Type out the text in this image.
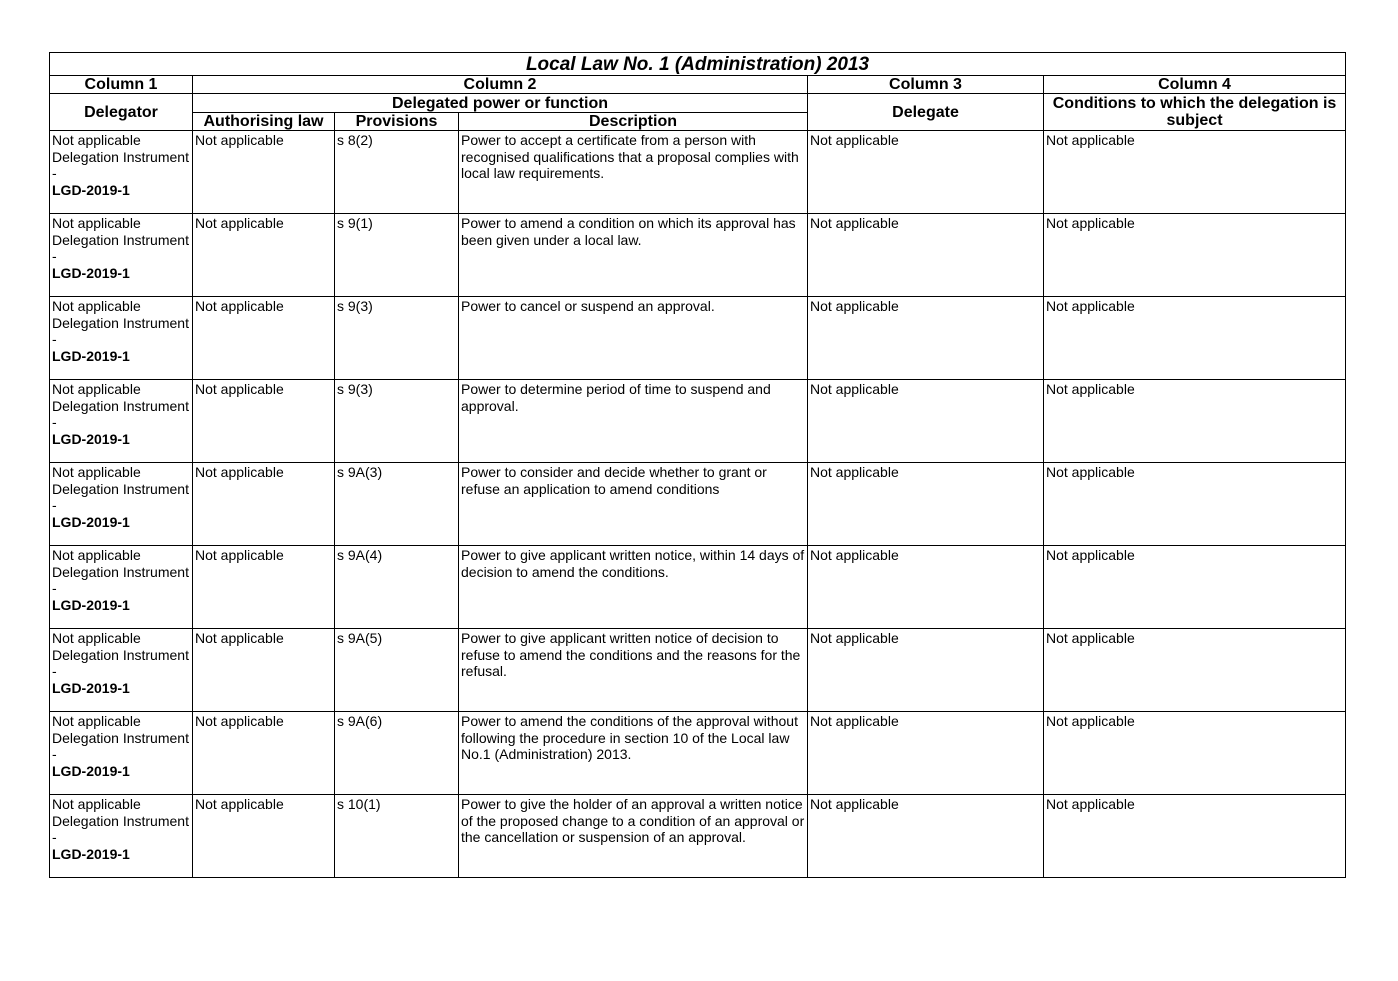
Local Law No. 1 (Administration) 2013					
Column 1	Column 2			Column 3	Column 4
Delegator	Delegated power or function			Delegate	Conditions to which the delegation is subject
	Authorising law	Provisions	Description		

Not applicable
Delegation Instrument -
LGD-2019-1	Not applicable	s 8(2)	Power to accept a certificate from a person with recognised qualifications that a proposal complies with local law requirements.	Not applicable	Not applicable

Not applicable
Delegation Instrument -
LGD-2019-1	Not applicable	s 9(1)	Power to amend a condition on which its approval has been given under a local law.	Not applicable	Not applicable

Not applicable
Delegation Instrument -
LGD-2019-1	Not applicable	s 9(3)	Power to cancel or suspend an approval.	Not applicable	Not applicable

Not applicable
Delegation Instrument -
LGD-2019-1	Not applicable	s 9(3)	Power to determine period of time to suspend and approval.	Not applicable	Not applicable

Not applicable
Delegation Instrument -
LGD-2019-1	Not applicable	s 9A(3)	Power to consider and decide whether to grant or refuse an application to amend conditions	Not applicable	Not applicable

Not applicable
Delegation Instrument -
LGD-2019-1	Not applicable	s 9A(4)	Power to give applicant written notice, within 14 days of decision to amend the conditions.	Not applicable	Not applicable

Not applicable
Delegation Instrument -
LGD-2019-1	Not applicable	s 9A(5)	Power to give applicant written notice of decision to refuse to amend the conditions and the reasons for the refusal.	Not applicable	Not applicable

Not applicable
Delegation Instrument -
LGD-2019-1	Not applicable	s 9A(6)	Power to amend the conditions of the approval without following the procedure in section 10 of the Local law No.1 (Administration) 2013.	Not applicable	Not applicable

Not applicable
Delegation Instrument -
LGD-2019-1	Not applicable	s 10(1)	Power to give the holder of an approval a written notice of the proposed change to a condition of an approval or the cancellation or suspension of an approval.	Not applicable	Not applicable
